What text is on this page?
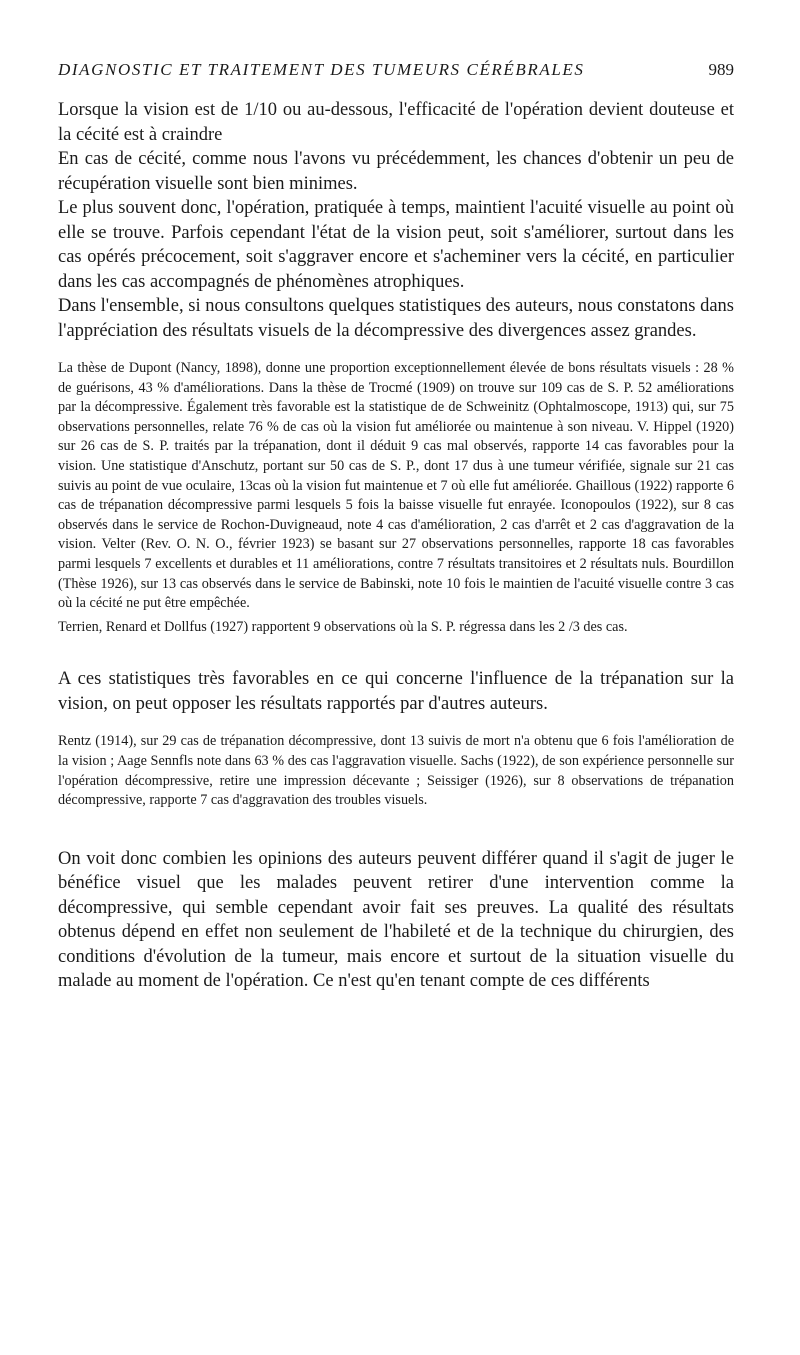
DIAGNOSTIC ET TRAITEMENT DES TUMEURS CÉRÉBRALES	989

Lorsque la vision est de 1/10 ou au-dessous, l'efficacité de l'opération devient douteuse et la cécité est à craindre

En cas de cécité, comme nous l'avons vu précédemment, les chances d'obtenir un peu de récupération visuelle sont bien minimes.

Le plus souvent donc, l'opération, pratiquée à temps, maintient l'acuité visuelle au point où elle se trouve. Parfois cependant l'état de la vision peut, soit s'améliorer, surtout dans les cas opérés précocement, soit s'aggraver encore et s'acheminer vers la cécité, en particulier dans les cas accompagnés de phénomènes atrophiques.

Dans l'ensemble, si nous consultons quelques statistiques des auteurs, nous constatons dans l'appréciation des résultats visuels de la décompressive des divergences assez grandes.

La thèse de Dupont (Nancy, 1898), donne une proportion exceptionnellement élevée de bons résultats visuels : 28 % de guérisons, 43 % d'améliorations. Dans la thèse de Trocmé (1909) on trouve sur 109 cas de S. P. 52 améliorations par la décompressive. Également très favorable est la statistique de de Schweinitz (Ophtalmoscope, 1913) qui, sur 75 observations personnelles, relate 76 % de cas où la vision fut améliorée ou maintenue à son niveau. V. Hippel (1920) sur 26 cas de S. P. traités par la trépanation, dont il déduit 9 cas mal observés, rapporte 14 cas favorables pour la vision. Une statistique d'Anschutz, portant sur 50 cas de S. P., dont 17 dus à une tumeur vérifiée, signale sur 21 cas suivis au point de vue oculaire, 13cas où la vision fut maintenue et 7 où elle fut améliorée. Ghaillous (1922) rapporte 6 cas de trépanation décompressive parmi lesquels 5 fois la baisse visuelle fut enrayée. Iconopoulos (1922), sur 8 cas observés dans le service de Rochon-Duvigneaud, note 4 cas d'amélioration, 2 cas d'arrêt et 2 cas d'aggravation de la vision. Velter (Rev. O. N. O., février 1923) se basant sur 27 observations personnelles, rapporte 18 cas favorables parmi lesquels 7 excellents et durables et 11 améliorations, contre 7 résultats transitoires et 2 résultats nuls. Bourdillon (Thèse 1926), sur 13 cas observés dans le service de Babinski, note 10 fois le maintien de l'acuité visuelle contre 3 cas où la cécité ne put être empêchée.

Terrien, Renard et Dollfus (1927) rapportent 9 observations où la S. P. régressa dans les 2 /3 des cas.

A ces statistiques très favorables en ce qui concerne l'influence de la trépanation sur la vision, on peut opposer les résultats rapportés par d'autres auteurs.

Rentz (1914), sur 29 cas de trépanation décompressive, dont 13 suivis de mort n'a obtenu que 6 fois l'amélioration de la vision ; Aage Sennfls note dans 63 % des cas l'aggravation visuelle. Sachs (1922), de son expérience personnelle sur l'opération décompressive, retire une impression décevante ; Seissiger (1926), sur 8 observations de trépanation décompressive, rapporte 7 cas d'aggravation des troubles visuels.

On voit donc combien les opinions des auteurs peuvent différer quand il s'agit de juger le bénéfice visuel que les malades peuvent retirer d'une intervention comme la décompressive, qui semble cependant avoir fait ses preuves. La qualité des résultats obtenus dépend en effet non seulement de l'habileté et de la technique du chirurgien, des conditions d'évolution de la tumeur, mais encore et surtout de la situation visuelle du malade au moment de l'opération. Ce n'est qu'en tenant compte de ces différents
